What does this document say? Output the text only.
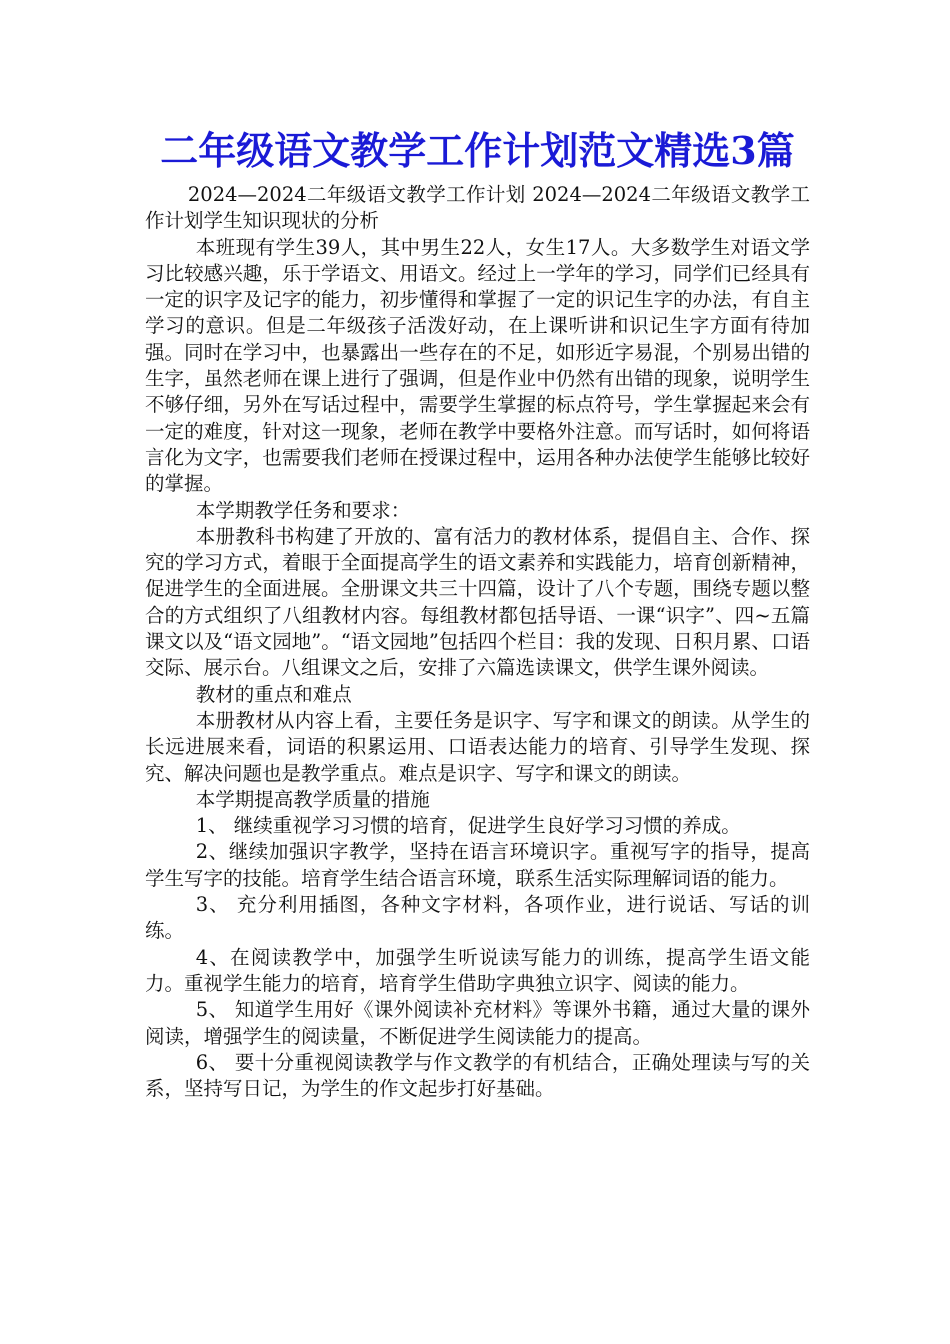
二年级语文教学工作计划范文精选3篇

2024—2024二年级语文教学工作计划 2024—2024二年级语文教学工作计划学生知识现状的分析

本班现有学生39人，其中男生22人，女生17人。大多数学生对语文学习比较感兴趣，乐于学语文、用语文。经过上一学年的学习，同学们已经具有一定的识字及记字的能力，初步懂得和掌握了一定的识记生字的办法，有自主学习的意识。但是二年级孩子活泼好动，在上课听讲和识记生字方面有待加强。同时在学习中，也暴露出一些存在的不足，如形近字易混，个别易出错的生字，虽然老师在课上进行了强调，但是作业中仍然有出错的现象，说明学生不够仔细，另外在写话过程中，需要学生掌握的标点符号，学生掌握起来会有一定的难度，针对这一现象，老师在教学中要格外注意。而写话时，如何将语言化为文字，也需要我们老师在授课过程中，运用各种办法使学生能够比较好的掌握。

本学期教学任务和要求：

本册教科书构建了开放的、富有活力的教材体系，提倡自主、合作、探究的学习方式，着眼于全面提高学生的语文素养和实践能力，培育创新精神，促进学生的全面进展。全册课文共三十四篇，设计了八个专题，围绕专题以整合的方式组织了八组教材内容。每组教材都包括导语、一课“识字”、四~五篇课文以及“语文园地”。“语文园地”包括四个栏目：我的发现、日积月累、口语交际、展示台。八组课文之后，安排了六篇选读课文，供学生课外阅读。

教材的重点和难点

本册教材从内容上看，主要任务是识字、写字和课文的朗读。从学生的长远进展来看，词语的积累运用、口语表达能力的培育、引导学生发现、探究、解决问题也是教学重点。难点是识字、写字和课文的朗读。

本学期提高教学质量的措施

1、 继续重视学习习惯的培育，促进学生良好学习习惯的养成。

2、继续加强识字教学，坚持在语言环境识字。重视写字的指导，提高学生写字的技能。培育学生结合语言环境，联系生活实际理解词语的能力。

3、 充分利用插图，各种文字材料，各项作业，进行说话、写话的训练。

4、在阅读教学中，加强学生听说读写能力的训练，提高学生语文能力。重视学生能力的培育，培育学生借助字典独立识字、阅读的能力。

5、 知道学生用好《课外阅读补充材料》等课外书籍，通过大量的课外阅读，增强学生的阅读量，不断促进学生阅读能力的提高。

6、 要十分重视阅读教学与作文教学的有机结合，正确处理读与写的关系，坚持写日记，为学生的作文起步打好基础。
